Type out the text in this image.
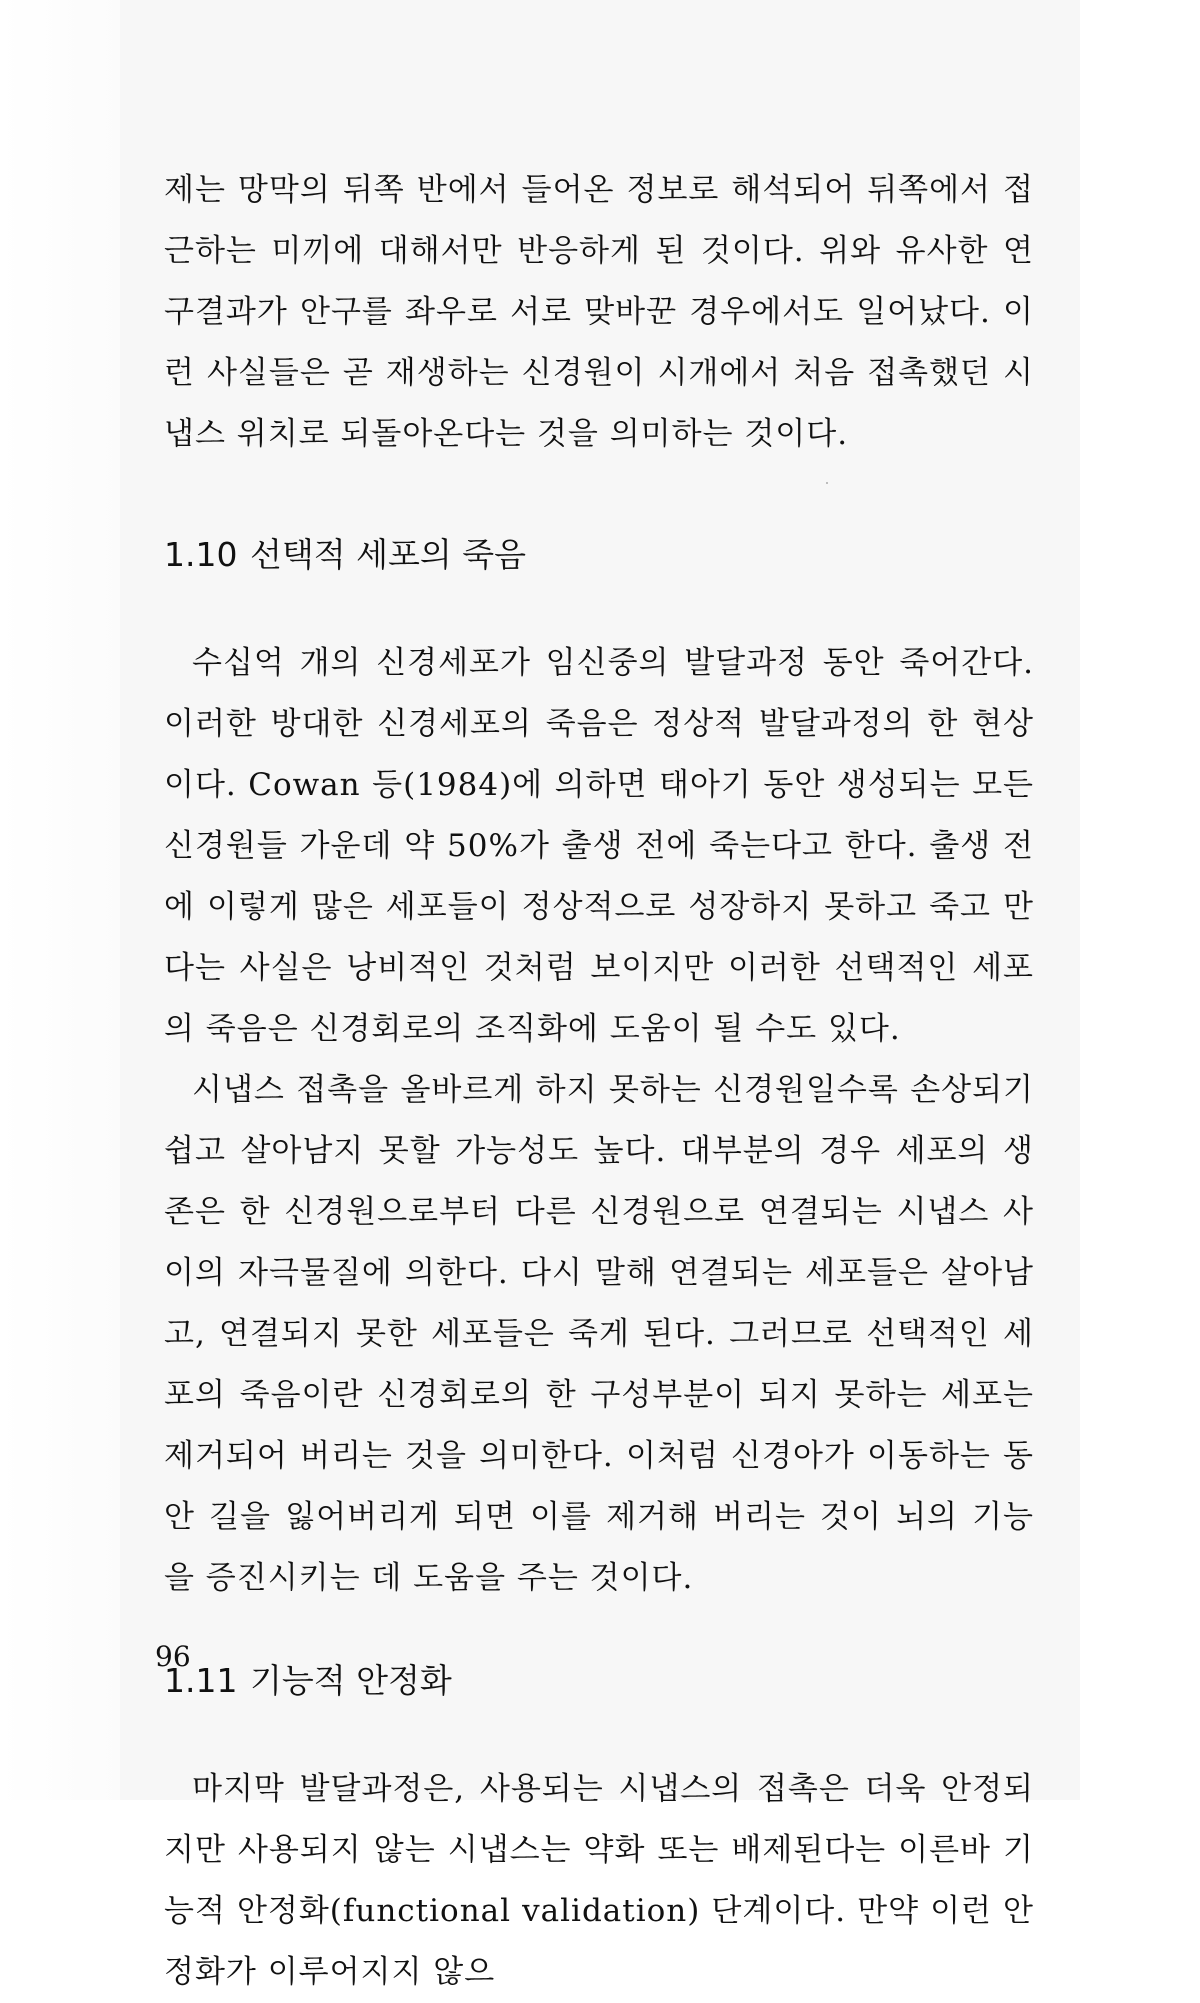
제는 망막의 뒤쪽 반에서 들어온 정보로 해석되어 뒤쪽에서 접근하는 미끼에 대해서만 반응하게 된 것이다. 위와 유사한 연구결과가 안구를 좌우로 서로 맞바꾼 경우에서도 일어났다. 이런 사실들은 곧 재생하는 신경원이 시개에서 처음 접촉했던 시냅스 위치로 되돌아온다는 것을 의미하는 것이다.

1.10 선택적 세포의 죽음

수십억 개의 신경세포가 임신중의 발달과정 동안 죽어간다. 이러한 방대한 신경세포의 죽음은 정상적 발달과정의 한 현상이다. Cowan 등(1984)에 의하면 태아기 동안 생성되는 모든 신경원들 가운데 약 50%가 출생 전에 죽는다고 한다. 출생 전에 이렇게 많은 세포들이 정상적으로 성장하지 못하고 죽고 만다는 사실은 낭비적인 것처럼 보이지만 이러한 선택적인 세포의 죽음은 신경회로의 조직화에 도움이 될 수도 있다.

시냅스 접촉을 올바르게 하지 못하는 신경원일수록 손상되기 쉽고 살아남지 못할 가능성도 높다. 대부분의 경우 세포의 생존은 한 신경원으로부터 다른 신경원으로 연결되는 시냅스 사이의 자극물질에 의한다. 다시 말해 연결되는 세포들은 살아남고, 연결되지 못한 세포들은 죽게 된다. 그러므로 선택적인 세포의 죽음이란 신경회로의 한 구성부분이 되지 못하는 세포는 제거되어 버리는 것을 의미한다. 이처럼 신경아가 이동하는 동안 길을 잃어버리게 되면 이를 제거해 버리는 것이 뇌의 기능을 증진시키는 데 도움을 주는 것이다.

1.11 기능적 안정화

마지막 발달과정은, 사용되는 시냅스의 접촉은 더욱 안정되지만 사용되지 않는 시냅스는 약화 또는 배제된다는 이른바 기능적 안정화(functional validation) 단계이다. 만약 이런 안정화가 이루어지지 않으

96
